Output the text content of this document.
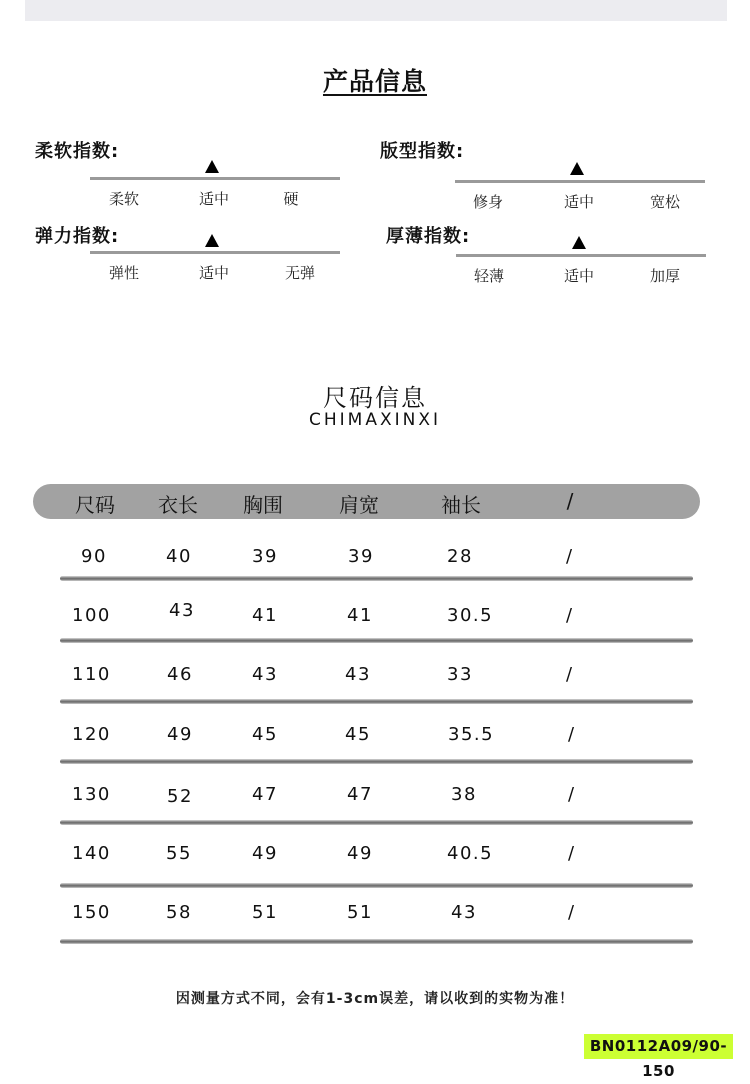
产品信息
柔软指数:
柔软	适中	硬
弹力指数:
弹性	适中	无弹
版型指数:
修身	适中	宽松
厚薄指数:
轻薄	适中	加厚
尺码信息
CHIMAXINXI
尺码	衣长	胸围	肩宽	袖长	/
90	40	39	39	28	/
100	43	41	41	30.5	/
110	46	43	43	33	/
120	49	45	45	35.5	/
130	52	47	47	38	/
140	55	49	49	40.5	/
150	58	51	51	43	/
因测量方式不同，会有1-3cm误差，请以收到的实物为准！
BN0112A09/90-150
